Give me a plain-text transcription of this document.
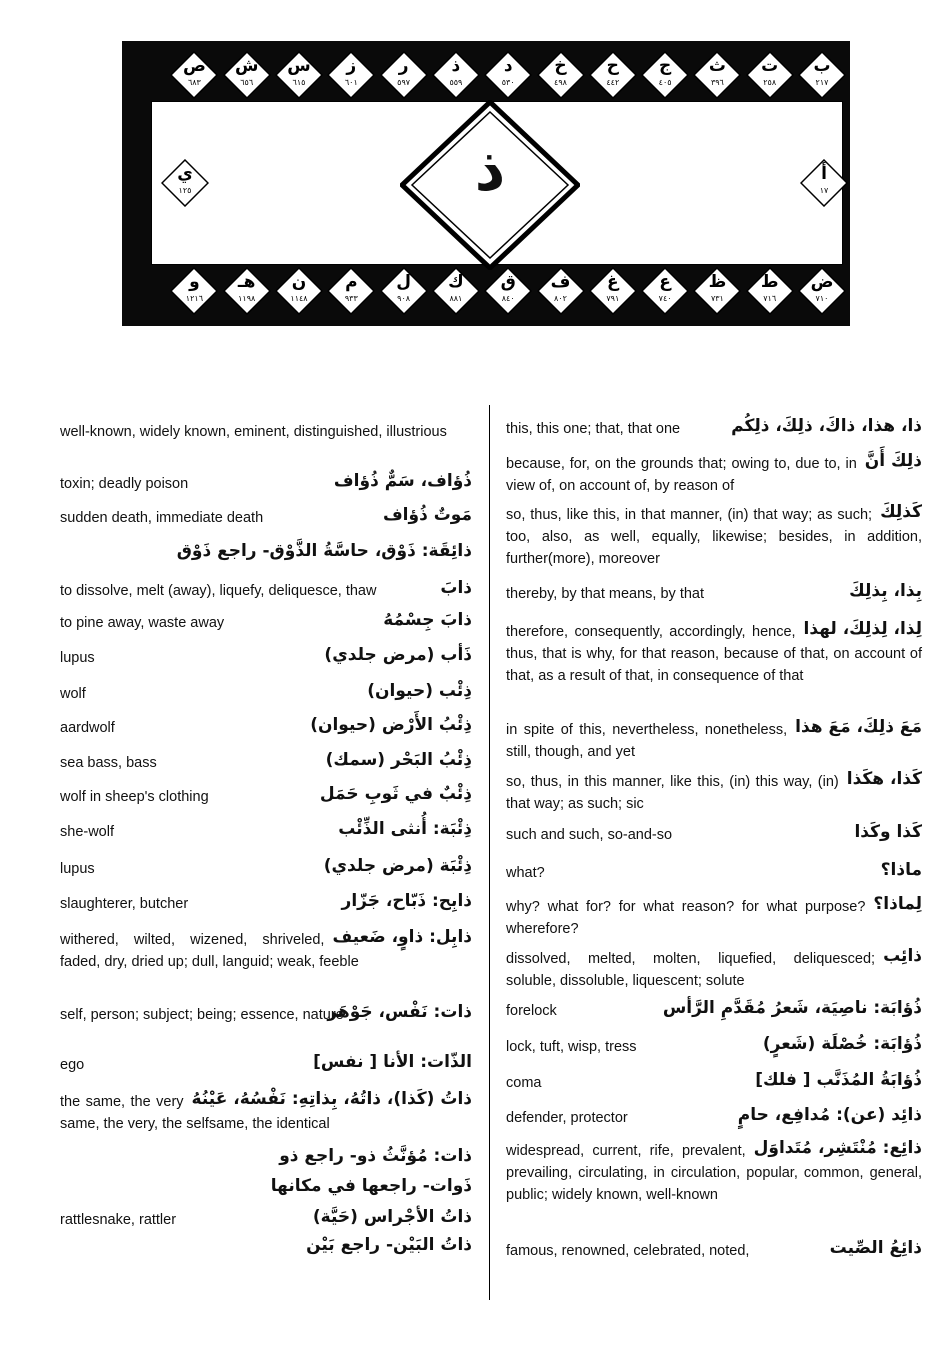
ب
٢١٧
ت
٢٥٨
ث
٣٩٦
ج
٤٠٥
ح
٤٤٢
خ
٤٩٨
د
٥٣٠
ذ
٥٥٩
ر
٥٩٧
ز
٦٠١
س
٦١٥
ش
٦٥٦
ص
٦٨٣
ض
٧١٠
ط
٧١٦
ظ
٧٣١
ع
٧٤٠
غ
٧٩١
ف
٨٠٢
ق
٨٤٠
ك
٨٨١
ل
٩٠٨
م
٩٣٣
ن
١١٤٨
هـ
١١٩٨
و
١٢١٦
ذ
well-known, widely known, eminent, distinguished, illustrious
toxin; deadly poison	ذُؤاف، سَمٌّ ذُؤاف
sudden death, immediate death	مَوتٌ ذُؤاف
ذائِقَة: ذَوْق، حاسَّةُ الذَّوْق- راجع ذَوْق
to dissolve, melt (away), liquefy, deliquesce, thaw	ذابَ
to pine away, waste away	ذابَ جِسْمُهُ
lupus	ذَأب (مرض جلدي)
wolf	ذِئْب (حيوان)
aardwolf	ذِئْبُ الأَرْض (حيوان)
sea bass, bass	ذِئْبُ البَحْر (سمك)
wolf in sheep's clothing	ذِئْبٌ في ثَوبِ حَمَل
she-wolf	ذِئْبَة: أُنثى الذِّئْب
lupus	ذِئْبَة (مرض جلدي)
slaughterer, butcher	ذابِح: ذَبّاح، جَزّار
withered, wilted, wizened, shriveled, faded, dry, dried up; dull, languid; weak, feeble
ذابِل: ذاوٍ، ضَعيف
self, person; subject; being; essence, nature
ذات: نَفْس، جَوْهَر
ego	الذّات: الأنا [ نفس]
the same, the very same, the very, the selfsame, the identical
ذاتُ (كَذا)، ذاتُهُ، بِذاتِهِ: نَفْسُهُ، عَيْنُهُ
ذات: مُؤنَّثُ ذو- راجع ذو
ذَوات- راجعها في مكانها
rattlesnake, rattler	ذاتُ الأجْراس (حَيَّة)
ذاتُ البَيْن- راجع بَيْن
this, this one; that, that one	ذا، هذا، ذاكَ، ذلِكَ، ذلِكُم
because, for, on the grounds that; owing to, due to, in view of, on account of, by reason of
ذلِكَ أَنَّ
so, thus, like this, in that manner, (in) that way; as such; too, also, as well, equally, likewise; besides, in addition, further(more), moreover
كَذلِكَ
thereby, by that means, by that	بِذا، بِذلِكَ
therefore, consequently, accordingly, hence, thus, that is why, for that reason, because of that, on account of that, as a result of that, in consequence of that
لِذا، لِذلِكَ، لهذا
in spite of this, nevertheless, nonetheless, still, though, and yet
مَعَ ذلِكَ، مَعَ هذا
so, thus, in this manner, like this, (in) this way, (in) that way; as such; sic
كَذا، هكَذا
such and such, so-and-so	كَذا وكَذا
what?	ماذا؟
why? what for? for what reason? for what purpose? wherefore?
لِماذا؟
dissolved, melted, molten, liquefied, deliquesced; soluble, dissoluble, liquescent; solute
ذائِب
forelock	ذُؤابَة: ناصِيَة، شَعرُ مُقَدَّمِ الرَّأس
lock, tuft, wisp, tress	ذُؤابَة: خُصْلَة (شَعرٍ)
coma	ذُؤابَةُ المُذَنَّب [ فلك]
defender, protector	ذائِد (عن): مُدافِع، حامٍ
widespread, current, rife, prevalent, prevailing, circulating, in circulation, popular, common, general, public; widely known, well-known
ذائِع: مُنْتَشِر، مُتَداوَل
famous, renowned, celebrated, noted,	ذائِعُ الصِّيت
ي
١٢٥
أ
١٧
